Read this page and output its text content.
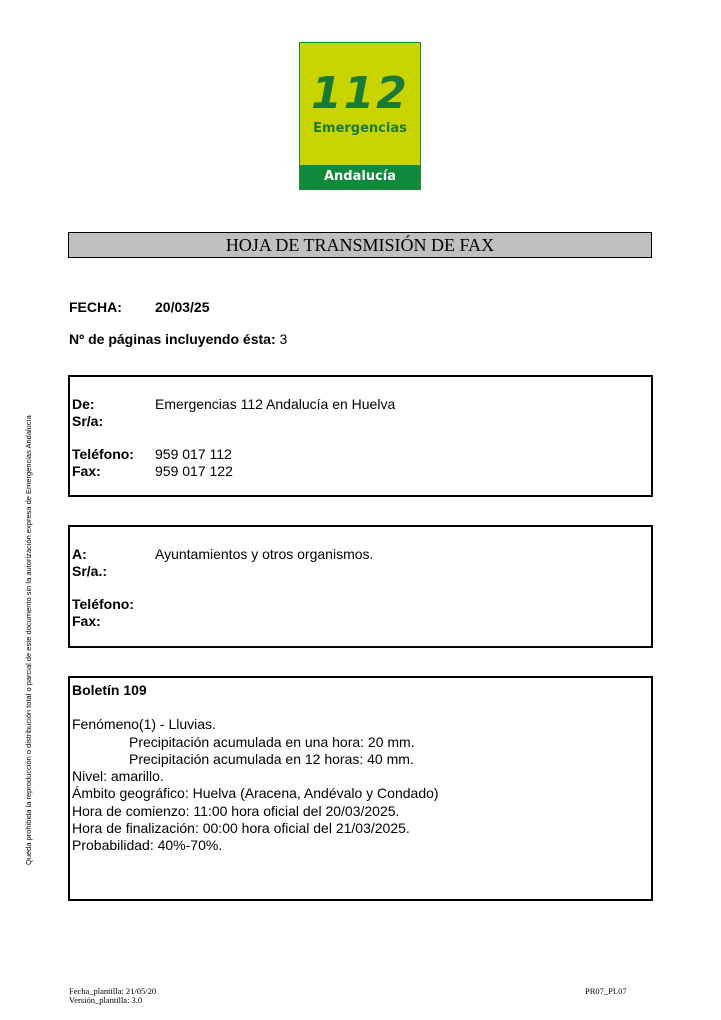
112
Emergencias
Andalucía
HOJA DE TRANSMISIÓN DE FAX
FECHA: 20/03/25
Nº de páginas incluyendo ésta: 3
De:	Emergencias 112 Andalucía en Huelva
Sr/a:
Teléfono: 959 017 112
Fax:	959 017 122
A:	Ayuntamientos y otros organismos.
Sr/a.:
Teléfono:
Fax:
Boletín 109
Fenómeno(1) - Lluvias.
Precipitación acumulada en una hora: 20 mm.
Precipitación acumulada en 12 horas: 40 mm.
Nivel: amarillo.
Ámbito geográfico: Huelva (Aracena, Andévalo y Condado)
Hora de comienzo: 11:00 hora oficial del 20/03/2025.
Hora de finalización: 00:00 hora oficial del 21/03/2025.
Probabilidad: 40%-70%.
Queda prohibida la reproducción o distribución total o parcial de este documento sin la autorización expresa de Emergencias Andalucía
Fecha_plantilla: 21/05/20
Versión_plantilla: 3.0
PR07_PL07
